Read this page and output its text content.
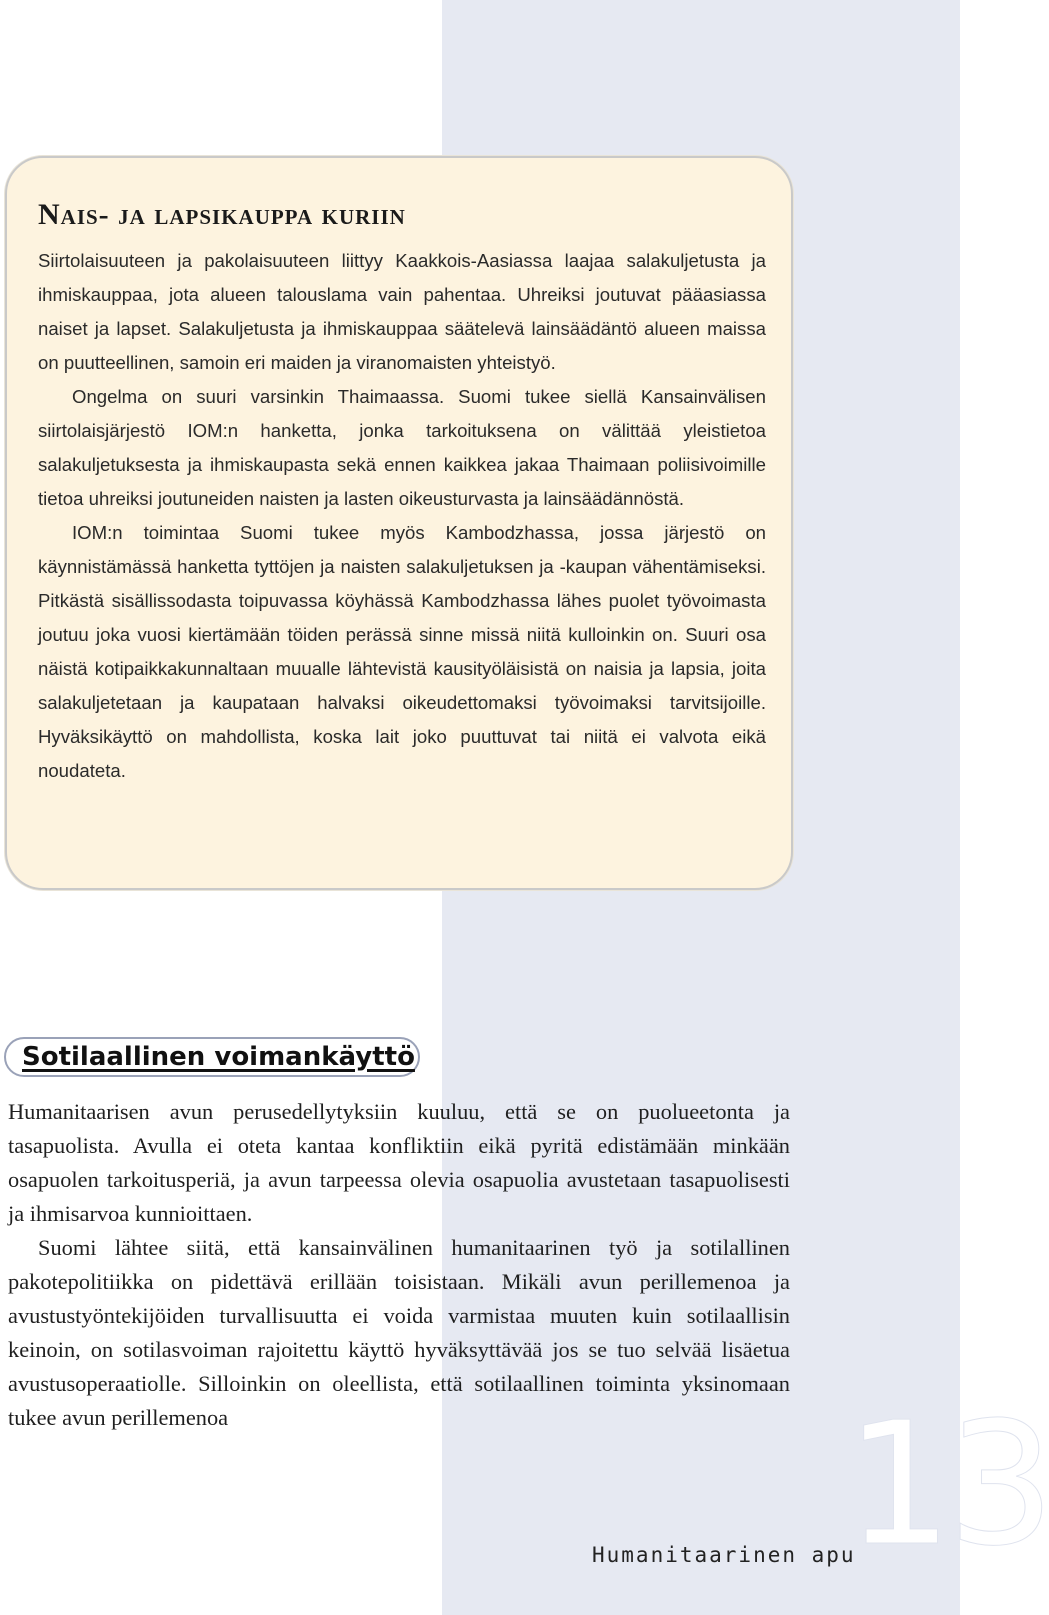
Nais- ja lapsikauppa kuriin

Siirtolaisuuteen ja pakolaisuuteen liittyy Kaakkois-Aasiassa laajaa salakuljetusta ja ihmiskauppaa, jota alueen talouslama vain pahentaa. Uhreiksi joutuvat pääasiassa naiset ja lapset. Salakuljetusta ja ihmiskauppaa säätelevä lainsäädäntö alueen maissa on puutteellinen, samoin eri maiden ja viranomaisten yhteistyö.

Ongelma on suuri varsinkin Thaimaassa. Suomi tukee siellä Kansainvälisen siirtolaisjärjestö IOM:n hanketta, jonka tarkoituksena on välittää yleistietoa salakuljetuksesta ja ihmiskaupasta sekä ennen kaikkea jakaa Thaimaan poliisivoimille tietoa uhreiksi joutuneiden naisten ja lasten oikeusturvasta ja lainsäädännöstä.

IOM:n toimintaa Suomi tukee myös Kambodzhassa, jossa järjestö on käynnistämässä hanketta tyttöjen ja naisten salakuljetuksen ja -kaupan vähentämiseksi. Pitkästä sisällissodasta toipuvassa köyhässä Kambodzhassa lähes puolet työvoimasta joutuu joka vuosi kiertämään töiden perässä sinne missä niitä kulloinkin on. Suuri osa näistä kotipaikkakunnaltaan muualle lähtevistä kausityöläisistä on naisia ja lapsia, joita salakuljetetaan ja kaupataan halvaksi oikeudettomaksi työvoimaksi tarvitsijoille. Hyväksikäyttö on mahdollista, koska lait joko puuttuvat tai niitä ei valvota eikä noudateta.

Sotilaallinen voimankäyttö

Humanitaarisen avun perusedellytyksiin kuuluu, että se on puolueetonta ja tasapuolista. Avulla ei oteta kantaa konfliktiin eikä pyritä edistämään minkään osapuolen tarkoitusperiä, ja avun tarpeessa olevia osapuolia avustetaan tasapuolisesti ja ihmisarvoa kunnioittaen.

Suomi lähtee siitä, että kansainvälinen humanitaarinen työ ja sotilallinen pakotepolitiikka on pidettävä erillään toisistaan. Mikäli avun perillemenoa ja avustustyöntekijöiden turvallisuutta ei voida varmistaa muuten kuin sotilaallisin keinoin, on sotilasvoiman rajoitettu käyttö hyväksyttävää jos se tuo selvää lisäetua avustusoperaatiolle. Silloinkin on oleellista, että sotilaallinen toiminta yksinomaan tukee avun perillemenoa	13
Humanitaarinen apu
